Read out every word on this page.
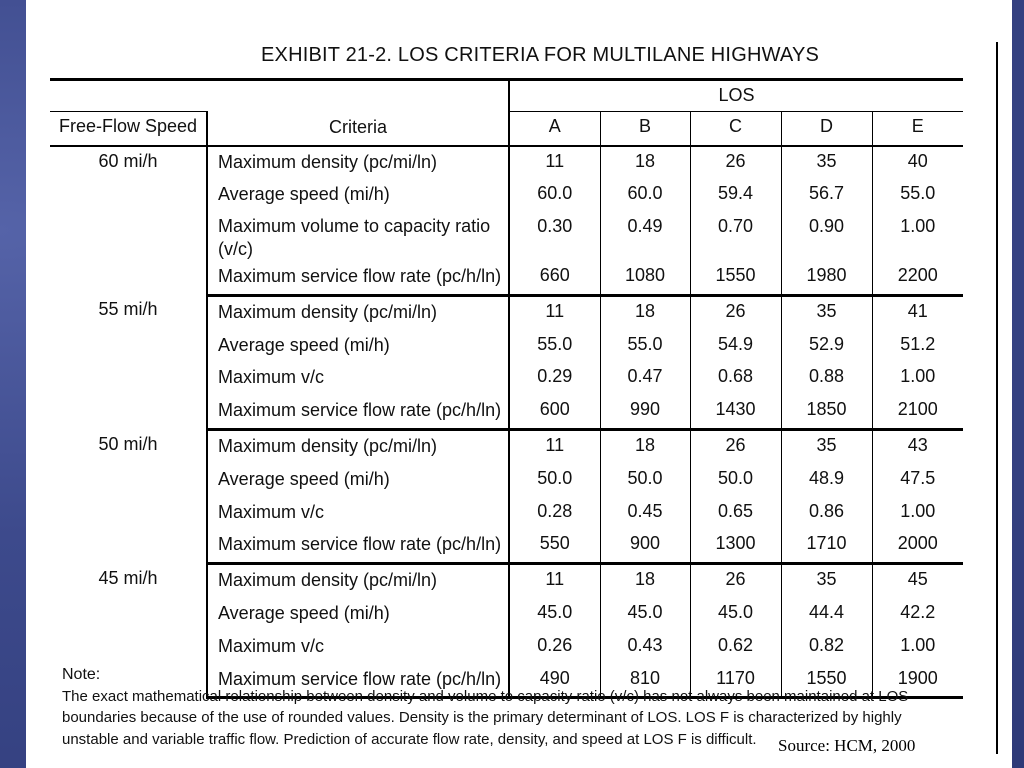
EXHIBIT 21-2. LOS CRITERIA FOR MULTILANE HIGHWAYS
		LOS				
Free-Flow Speed	Criteria	A	B	C	D	E
60 mi/h	Maximum density (pc/mi/ln)	11	18	26	35	40
	Average speed (mi/h)	60.0	60.0	59.4	56.7	55.0
	Maximum volume to capacity ratio (v/c)	0.30	0.49	0.70	0.90	1.00
	Maximum service flow rate (pc/h/ln)	660	1080	1550	1980	2200
55 mi/h	Maximum density (pc/mi/ln)	11	18	26	35	41
	Average speed (mi/h)	55.0	55.0	54.9	52.9	51.2
	Maximum v/c	0.29	0.47	0.68	0.88	1.00
	Maximum service flow rate (pc/h/ln)	600	990	1430	1850	2100
50 mi/h	Maximum density (pc/mi/ln)	11	18	26	35	43
	Average speed (mi/h)	50.0	50.0	50.0	48.9	47.5
	Maximum v/c	0.28	0.45	0.65	0.86	1.00
	Maximum service flow rate (pc/h/ln)	550	900	1300	1710	2000
45 mi/h	Maximum density (pc/mi/ln)	11	18	26	35	45
	Average speed (mi/h)	45.0	45.0	45.0	44.4	42.2
	Maximum v/c	0.26	0.43	0.62	0.82	1.00
	Maximum service flow rate (pc/h/ln)	490	810	1170	1550	1900
Note:
The exact mathematical relationship between density and volume to capacity ratio (v/c) has not always been maintained at LOS boundaries because of the use of rounded values. Density is the primary determinant of LOS. LOS F is characterized by highly unstable and variable traffic flow. Prediction of accurate flow rate, density, and speed at LOS F is difficult.	Source: HCM, 2000
